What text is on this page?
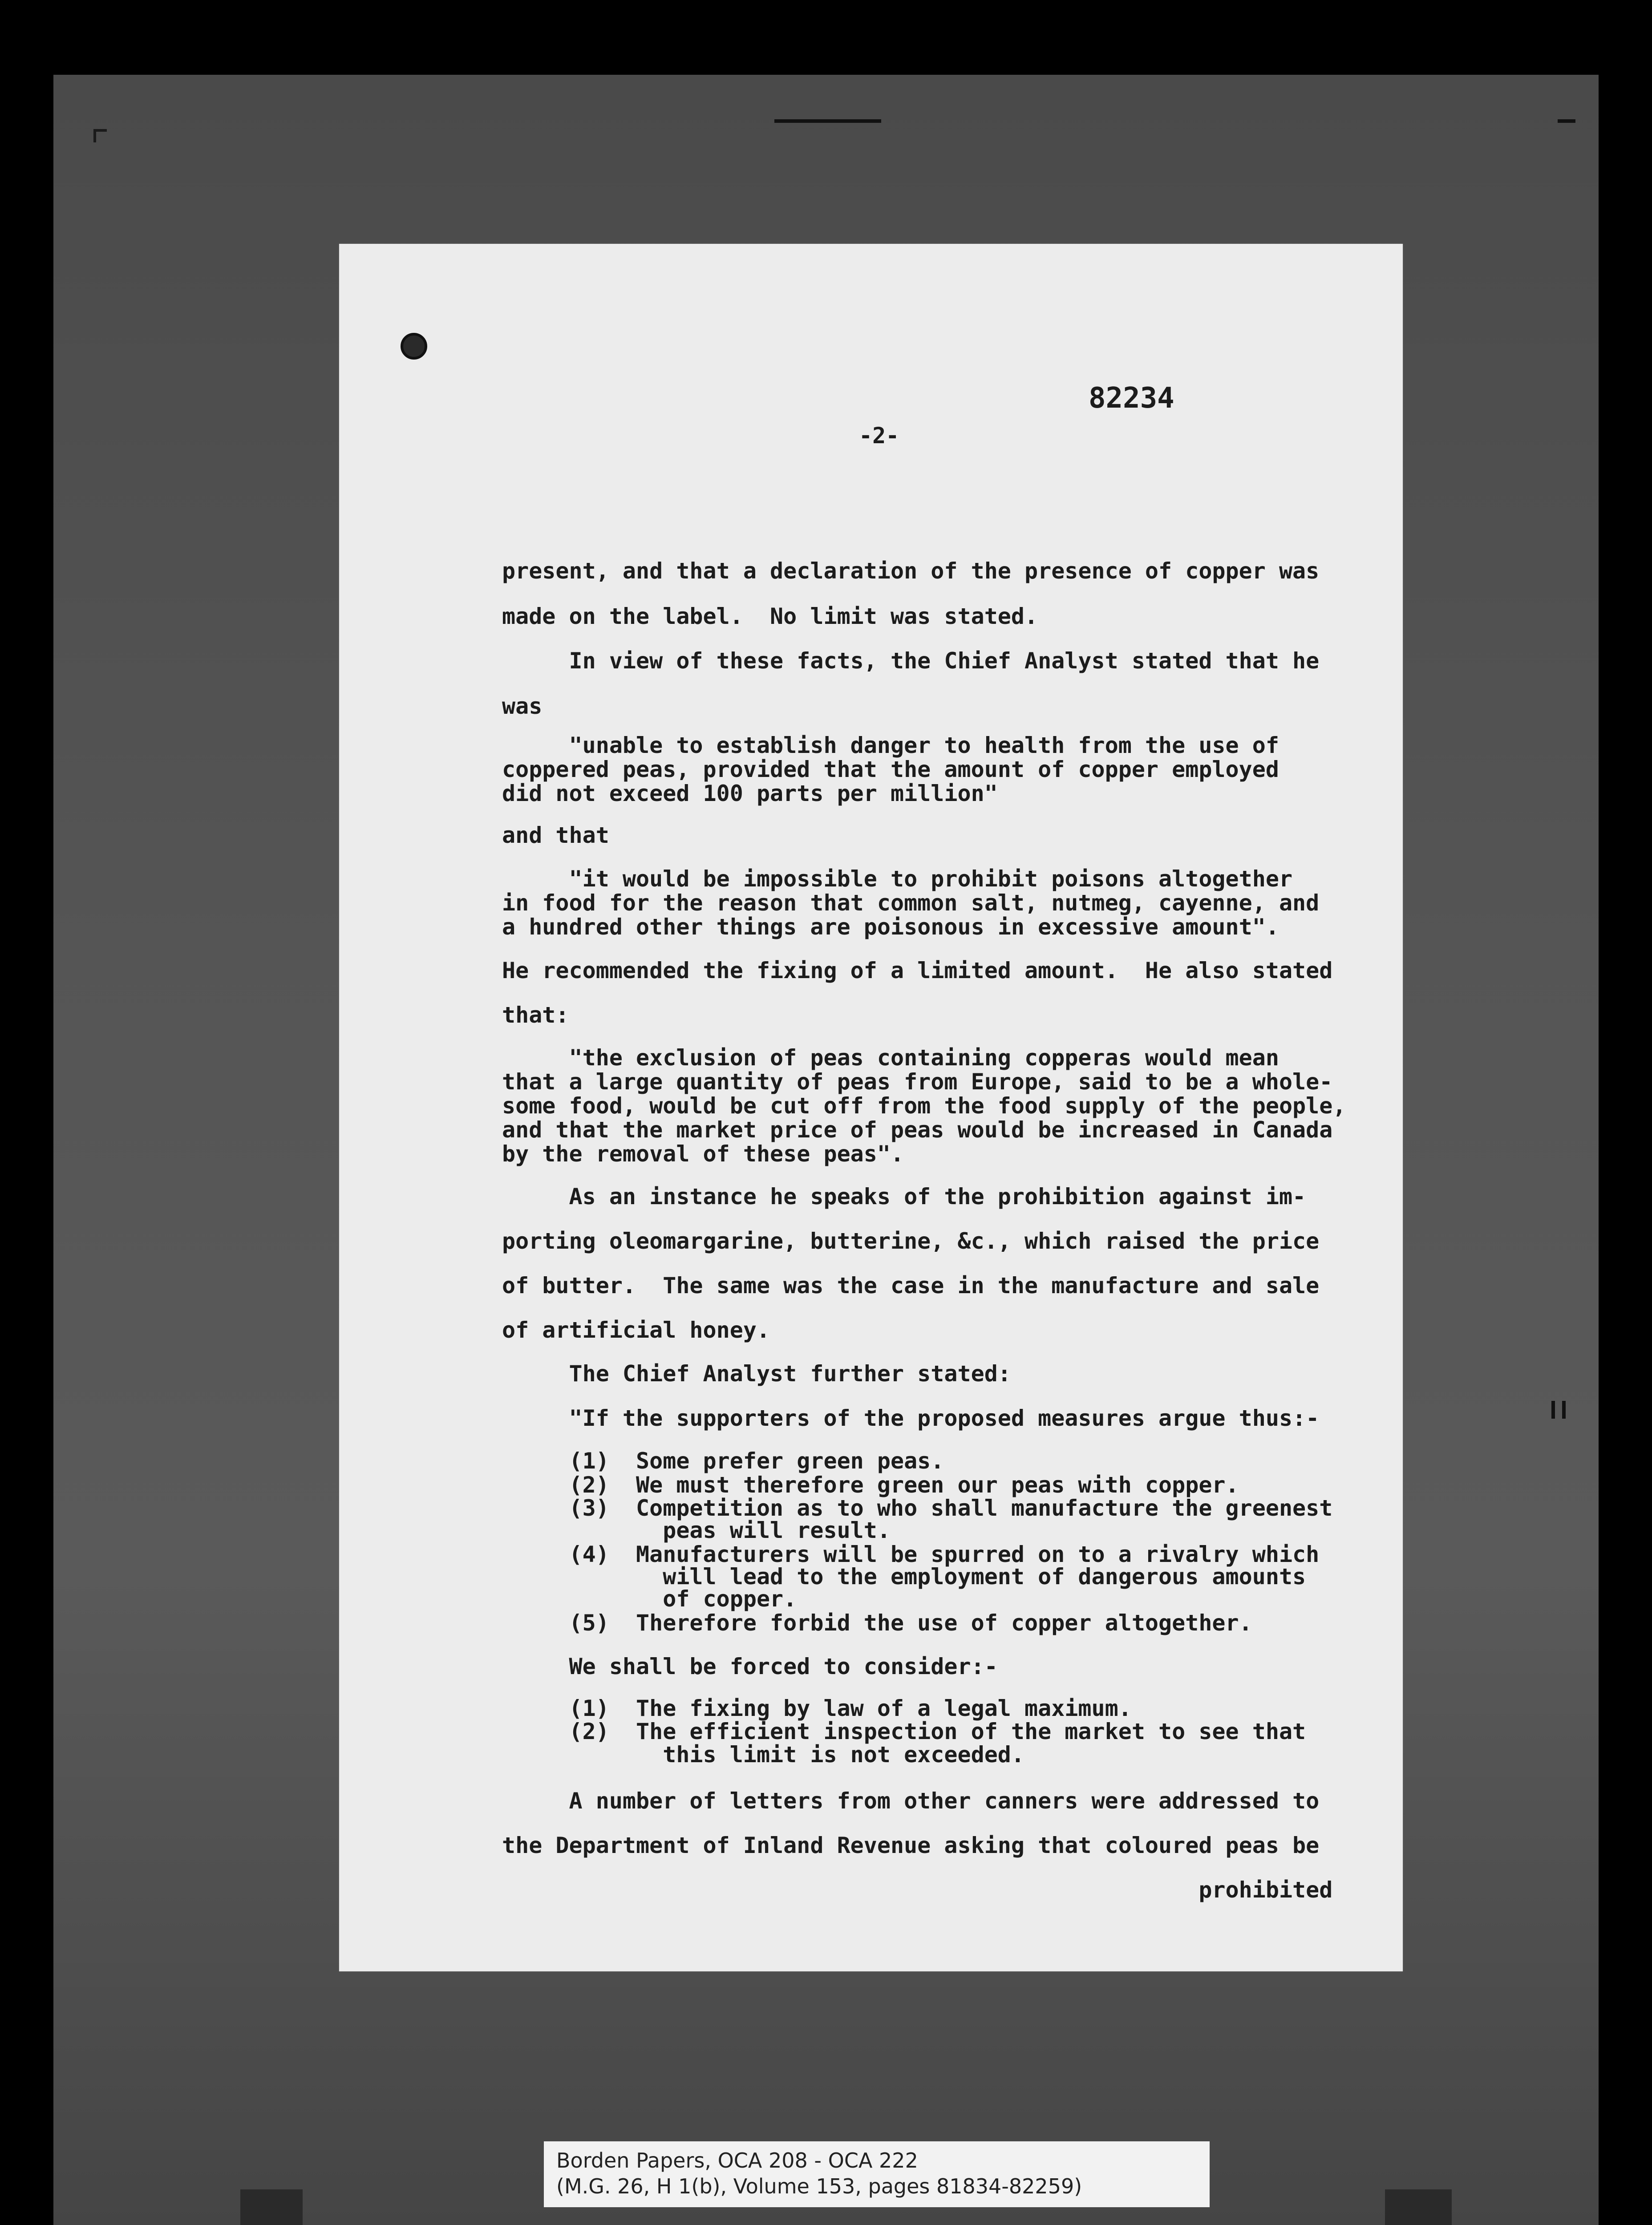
82234
-2-
present, and that a declaration of the presence of copper was
made on the label.  No limit was stated.
In view of these facts, the Chief Analyst stated that he
was
"unable to establish danger to health from the use of
coppered peas, provided that the amount of copper employed
did not exceed 100 parts per million"
and that
"it would be impossible to prohibit poisons altogether
in food for the reason that common salt, nutmeg, cayenne, and
a hundred other things are poisonous in excessive amount".
He recommended the fixing of a limited amount.  He also stated
that:
"the exclusion of peas containing copperas would mean
that a large quantity of peas from Europe, said to be a whole-
some food, would be cut off from the food supply of the people,
and that the market price of peas would be increased in Canada
by the removal of these peas".
As an instance he speaks of the prohibition against im-
porting oleomargarine, butterine, &c., which raised the price
of butter.  The same was the case in the manufacture and sale
of artificial honey.
The Chief Analyst further stated:
"If the supporters of the proposed measures argue thus:-
(1)  Some prefer green peas.
(2)  We must therefore green our peas with copper.
(3)  Competition as to who shall manufacture the greenest
peas will result.
(4)  Manufacturers will be spurred on to a rivalry which
will lead to the employment of dangerous amounts
of copper.
(5)  Therefore forbid the use of copper altogether.
We shall be forced to consider:-
(1)  The fixing by law of a legal maximum.
(2)  The efficient inspection of the market to see that
this limit is not exceeded.
A number of letters from other canners were addressed to
the Department of Inland Revenue asking that coloured peas be
prohibited
Borden Papers, OCA 208 - OCA 222
(M.G. 26, H 1(b), Volume 153, pages 81834-82259)
